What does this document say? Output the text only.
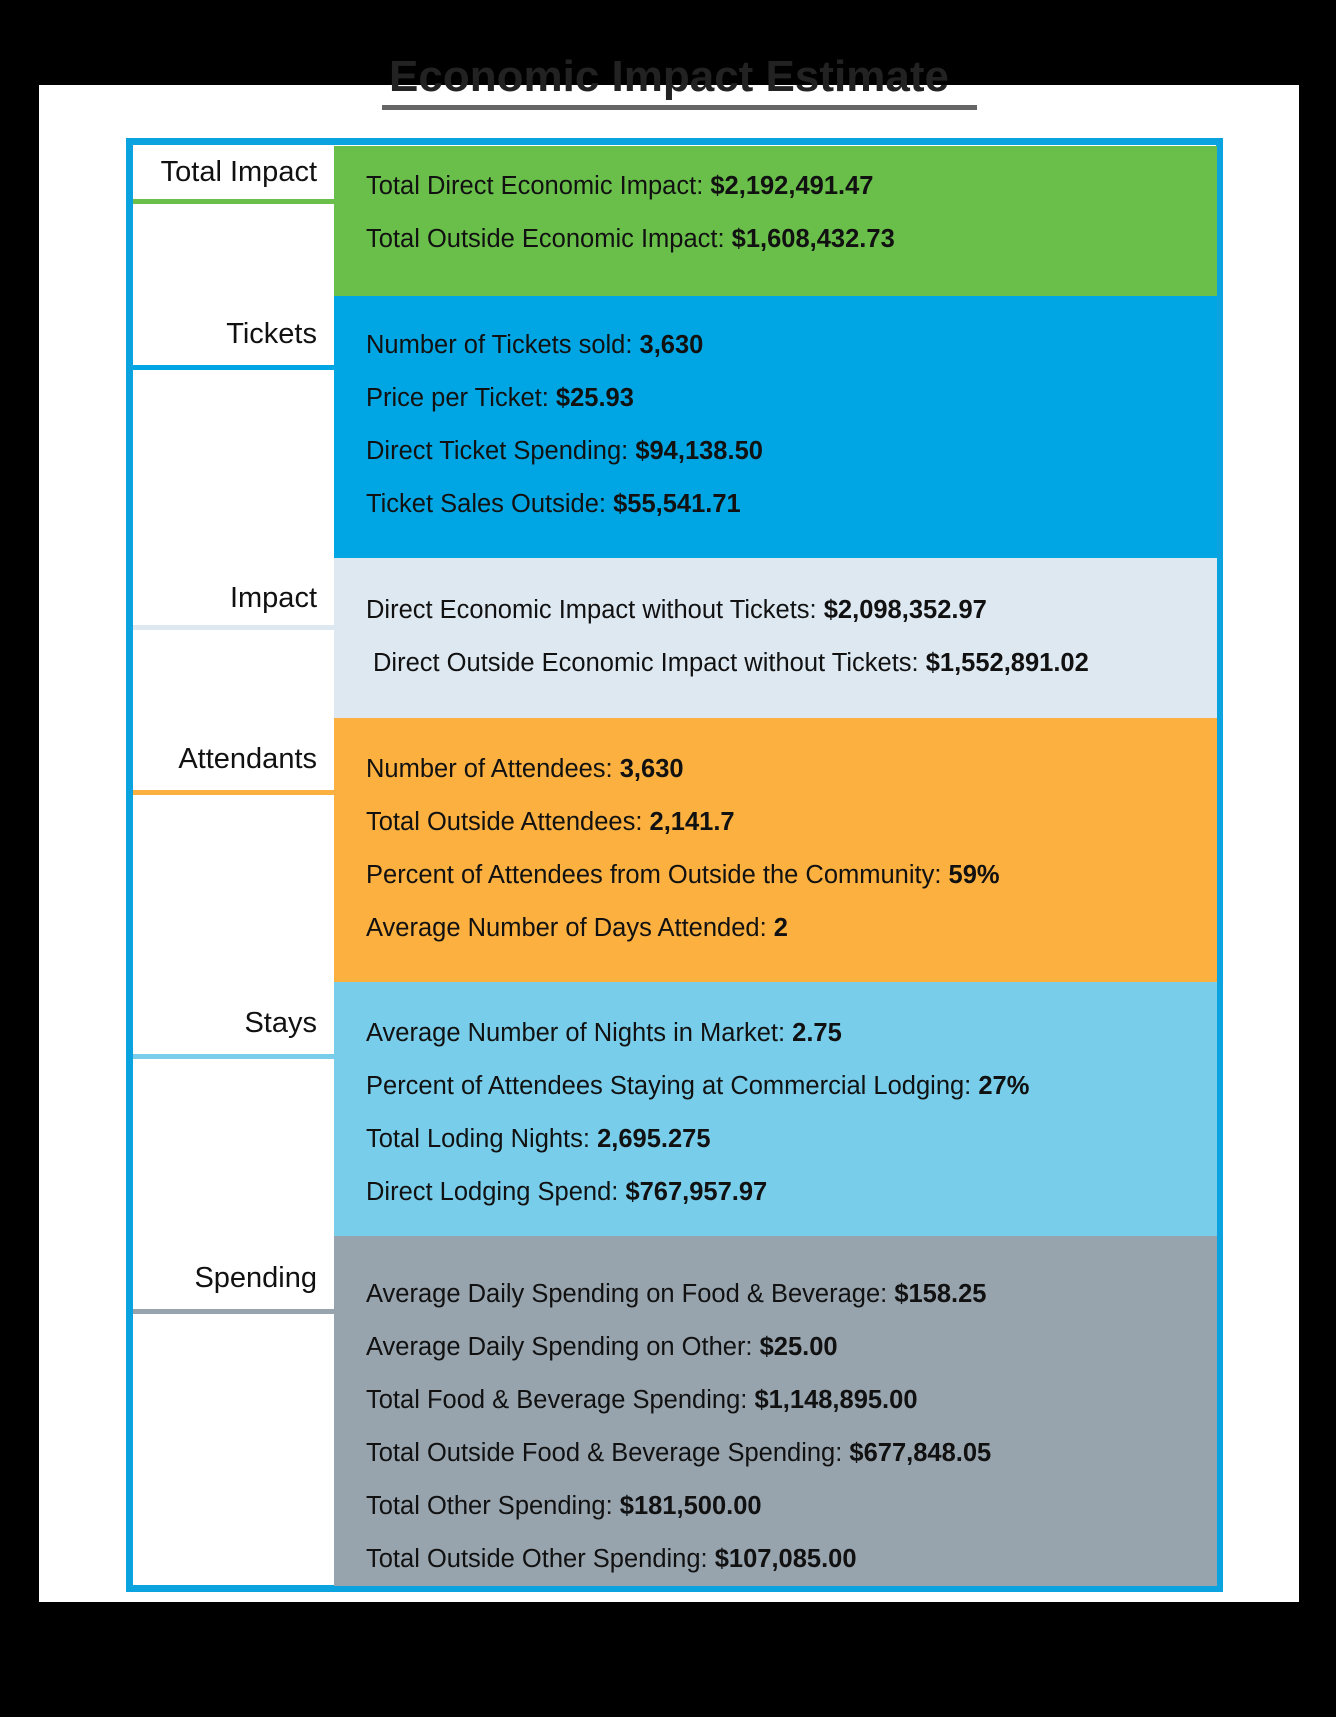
Economic Impact Estimate
Total Impact
Tickets
Impact
Attendants
Stays
Spending
Total Direct Economic Impact: $2,192,491.47
Total Outside Economic Impact: $1,608,432.73
Number of Tickets sold: 3,630
Price per Ticket: $25.93
Direct Ticket Spending: $94,138.50
Ticket Sales Outside: $55,541.71
Direct Economic Impact without Tickets: $2,098,352.97
Direct Outside Economic Impact without Tickets: $1,552,891.02
Number of Attendees: 3,630
Total Outside Attendees: 2,141.7
Percent of Attendees from Outside the Community: 59%
Average Number of Days Attended: 2
Average Number of Nights in Market: 2.75
Percent of Attendees Staying at Commercial Lodging: 27%
Total Loding Nights: 2,695.275
Direct Lodging Spend: $767,957.97
Average Daily Spending on Food & Beverage: $158.25
Average Daily Spending on Other: $25.00
Total Food & Beverage Spending: $1,148,895.00
Total Outside Food & Beverage Spending: $677,848.05
Total Other Spending: $181,500.00
Total Outside Other Spending: $107,085.00
